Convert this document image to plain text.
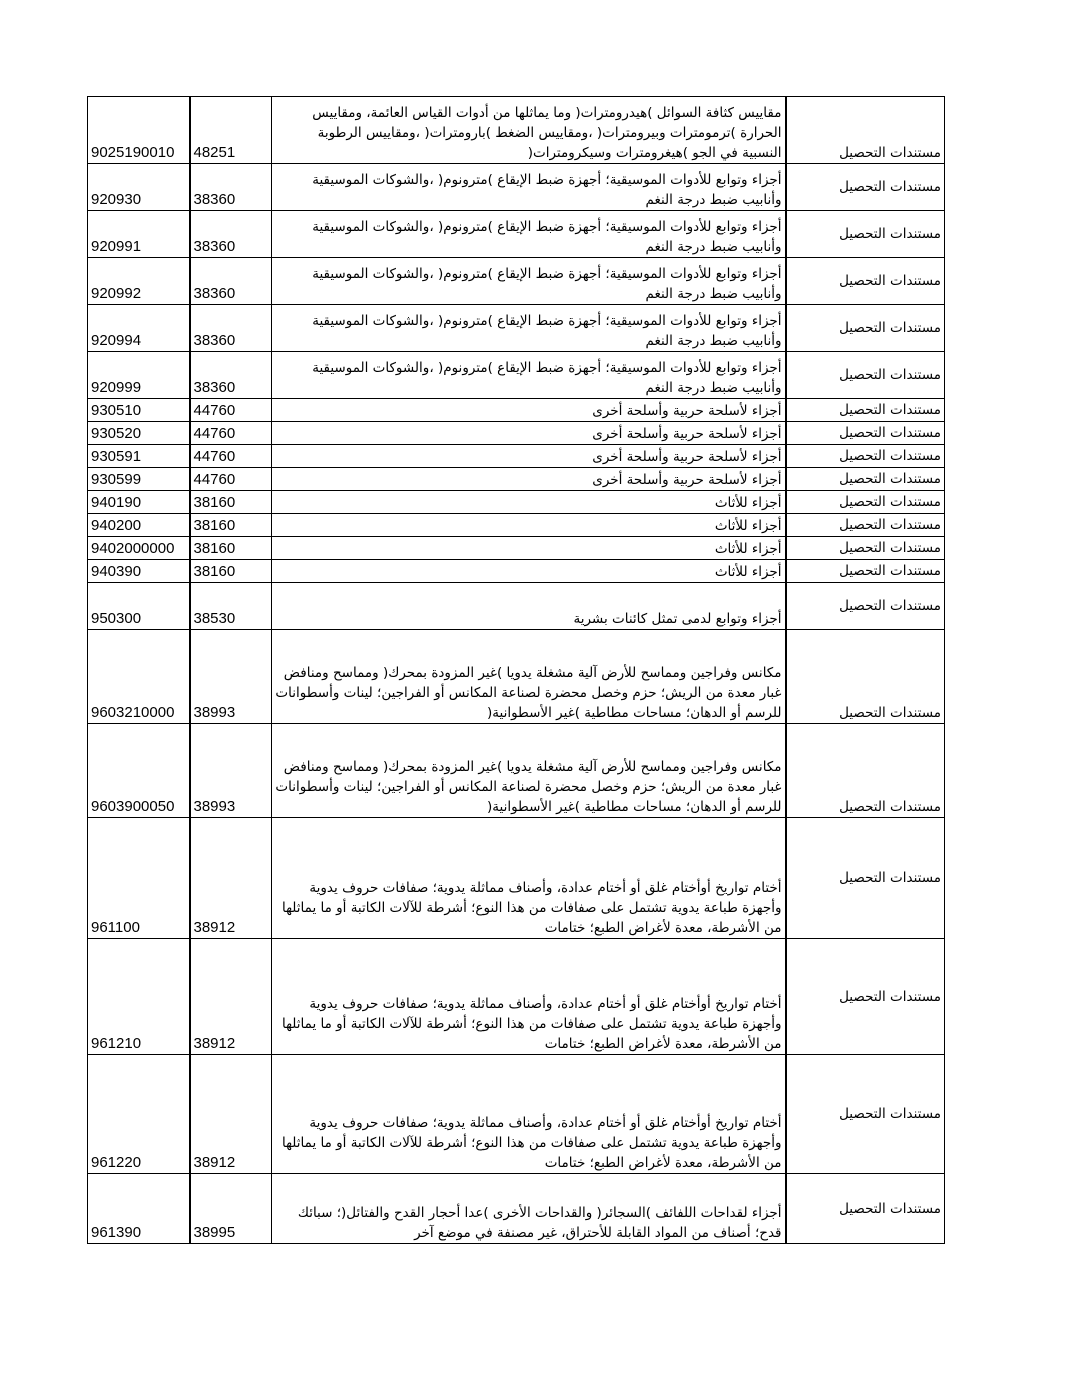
9025190010	48251	مقاييس كثافة السوائل )هيدرومترات( وما يماثلها من أدوات القياس العائمة، ومقاييس الحرارة )ترمومترات وبيرومترات( ،ومقاييس الضغط )بارومترات( ،ومقاييس الرطوبة النسبية في الجو )هيغرومترات وسيكرومترات(	مستندات التحصيل
920930	38360	أجزاء وتوابع للأدوات الموسيقية؛ أجهزة ضبط الإيقاع )مترونوم( ،والشوكات الموسيقية وأنابيب ضبط درجة النغم	مستندات التحصيل
920991	38360	أجزاء وتوابع للأدوات الموسيقية؛ أجهزة ضبط الإيقاع )مترونوم( ،والشوكات الموسيقية وأنابيب ضبط درجة النغم	مستندات التحصيل
920992	38360	أجزاء وتوابع للأدوات الموسيقية؛ أجهزة ضبط الإيقاع )مترونوم( ،والشوكات الموسيقية وأنابيب ضبط درجة النغم	مستندات التحصيل
920994	38360	أجزاء وتوابع للأدوات الموسيقية؛ أجهزة ضبط الإيقاع )مترونوم( ،والشوكات الموسيقية وأنابيب ضبط درجة النغم	مستندات التحصيل
920999	38360	أجزاء وتوابع للأدوات الموسيقية؛ أجهزة ضبط الإيقاع )مترونوم( ،والشوكات الموسيقية وأنابيب ضبط درجة النغم	مستندات التحصيل
930510	44760	أجزاء لأسلحة حربية وأسلحة أخرى	مستندات التحصيل
930520	44760	أجزاء لأسلحة حربية وأسلحة أخرى	مستندات التحصيل
930591	44760	أجزاء لأسلحة حربية وأسلحة أخرى	مستندات التحصيل
930599	44760	أجزاء لأسلحة حربية وأسلحة أخرى	مستندات التحصيل
940190	38160	أجزاء للأثاث	مستندات التحصيل
940200	38160	أجزاء للأثاث	مستندات التحصيل
9402000000	38160	أجزاء للأثاث	مستندات التحصيل
940390	38160	أجزاء للأثاث	مستندات التحصيل
950300	38530	أجزاء وتوابع لدمى تمثل كائنات بشرية	مستندات التحصيل
9603210000	38993	مكانس وفراجين ومماسح للأرض آلية مشغلة يدويا )غير المزودة بمحرك( ومماسح ومنافض غبار معدة من الريش؛ حزم وخصل محضرة لصناعة المكانس أو الفراجين؛ لينات وأسطوانات للرسم أو الدهان؛ مساحات مطاطية )غير الأسطوانية(	مستندات التحصيل
9603900050	38993	مكانس وفراجين ومماسح للأرض آلية مشغلة يدويا )غير المزودة بمحرك( ومماسح ومنافض غبار معدة من الريش؛ حزم وخصل محضرة لصناعة المكانس أو الفراجين؛ لينات وأسطوانات للرسم أو الدهان؛ مساحات مطاطية )غير الأسطوانية(	مستندات التحصيل
961100	38912	أختام تواريخ أوأختام غلق أو أختام عدادة، وأصناف مماثلة يدوية؛ صفافات حروف يدوية وأجهزة طباعة يدوية تشتمل على صفافات من هذا النوع؛ أشرطة للآلات الكاتبة أو ما يماثلها من الأشرطة، معدة لأغراض الطبع؛ ختامات	مستندات التحصيل
961210	38912	أختام تواريخ أوأختام غلق أو أختام عدادة، وأصناف مماثلة يدوية؛ صفافات حروف يدوية وأجهزة طباعة يدوية تشتمل على صفافات من هذا النوع؛ أشرطة للآلات الكاتبة أو ما يماثلها من الأشرطة، معدة لأغراض الطبع؛ ختامات	مستندات التحصيل
961220	38912	أختام تواريخ أوأختام غلق أو أختام عدادة، وأصناف مماثلة يدوية؛ صفافات حروف يدوية وأجهزة طباعة يدوية تشتمل على صفافات من هذا النوع؛ أشرطة للآلات الكاتبة أو ما يماثلها من الأشرطة، معدة لأغراض الطبع؛ ختامات	مستندات التحصيل
961390	38995	أجزاء لقداحات اللفائف )السجائر( والقداحات الأخرى )عدا أحجار القدح والفتائل(؛ سبائك قدح؛ أصناف من المواد القابلة للأحتراق، غير مصنفة في موضع آخر	مستندات التحصيل
